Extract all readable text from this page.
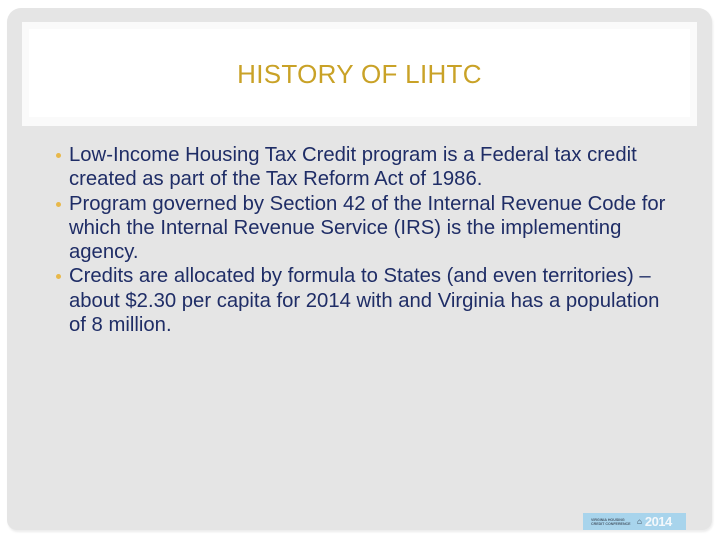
HISTORY OF LIHTC
Low-Income Housing Tax Credit program is a Federal tax credit created as part of the Tax Reform Act of 1986.
Program governed by Section 42 of the Internal Revenue Code for which the Internal Revenue Service (IRS) is the implementing agency.
Credits are allocated by formula to States (and even territories) – about $2.30 per capita for 2014 with and Virginia has a population of 8 million.
VIRGINIA HOUSING
CREDIT CONFERENCE ⌂ 2014
